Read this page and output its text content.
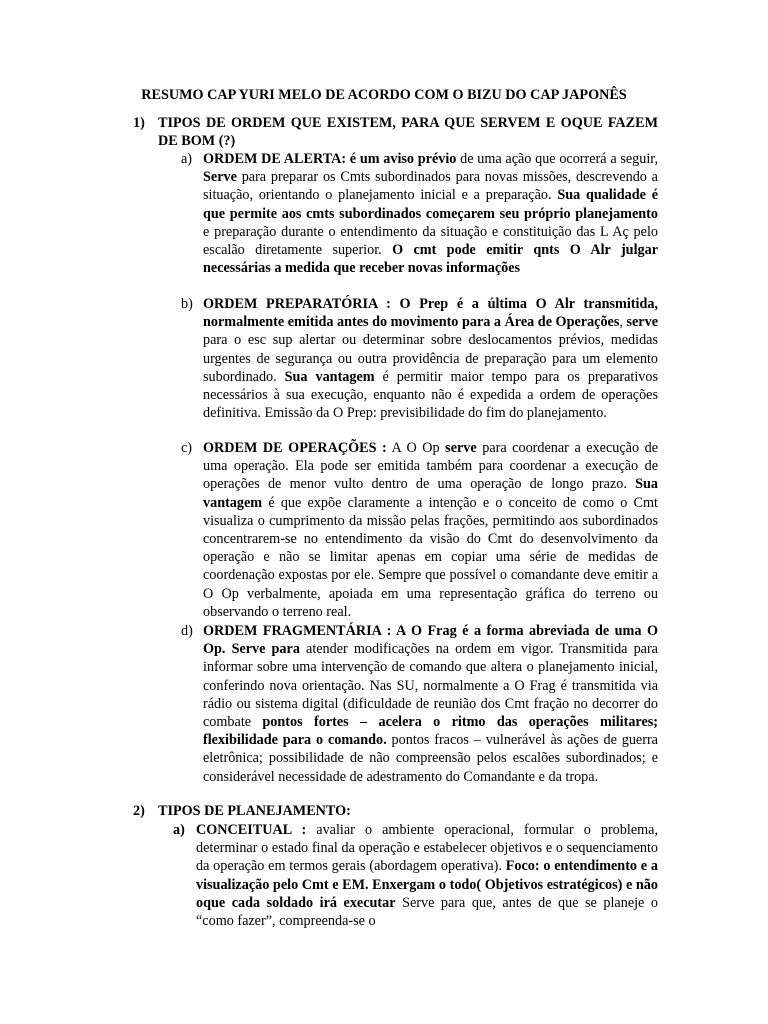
RESUMO CAP YURI MELO DE ACORDO COM O BIZU DO CAP JAPONÊS
1) TIPOS DE ORDEM QUE EXISTEM, PARA QUE SERVEM E OQUE FAZEM DE BOM (?)
a) ORDEM DE ALERTA: é um aviso prévio de uma ação que ocorrerá a seguir, Serve para preparar os Cmts subordinados para novas missões, descrevendo a situação, orientando o planejamento inicial e a preparação. Sua qualidade é que permite aos cmts subordinados começarem seu próprio planejamento e preparação durante o entendimento da situação e constituição das L Aç pelo escalão diretamente superior. O cmt pode emitir qnts O Alr julgar necessárias a medida que receber novas informações
b) ORDEM PREPARATÓRIA : O Prep é a última O Alr transmitida, normalmente emitida antes do movimento para a Área de Operações, serve para o esc sup alertar ou determinar sobre deslocamentos prévios, medidas urgentes de segurança ou outra providência de preparação para um elemento subordinado. Sua vantagem é permitir maior tempo para os preparativos necessários à sua execução, enquanto não é expedida a ordem de operações definitiva. Emissão da O Prep: previsibilidade do fim do planejamento.
c) ORDEM DE OPERAÇÕES : A O Op serve para coordenar a execução de uma operação. Ela pode ser emitida também para coordenar a execução de operações de menor vulto dentro de uma operação de longo prazo. Sua vantagem é que expõe claramente a intenção e o conceito de como o Cmt visualiza o cumprimento da missão pelas frações, permitindo aos subordinados concentrarem-se no entendimento da visão do Cmt do desenvolvimento da operação e não se limitar apenas em copiar uma série de medidas de coordenação expostas por ele. Sempre que possível o comandante deve emitir a O Op verbalmente, apoiada em uma representação gráfica do terreno ou observando o terreno real.
d) ORDEM FRAGMENTÁRIA : A O Frag é a forma abreviada de uma O Op. Serve para atender modificações na ordem em vigor. Transmitida para informar sobre uma intervenção de comando que altera o planejamento inicial, conferindo nova orientação. Nas SU, normalmente a O Frag é transmitida via rádio ou sistema digital (dificuldade de reunião dos Cmt fração no decorrer do combate pontos fortes – acelera o ritmo das operações militares; flexibilidade para o comando. pontos fracos – vulnerável às ações de guerra eletrônica; possibilidade de não compreensão pelos escalões subordinados; e considerável necessidade de adestramento do Comandante e da tropa.
2) TIPOS DE PLANEJAMENTO:
a) CONCEITUAL : avaliar o ambiente operacional, formular o problema, determinar o estado final da operação e estabelecer objetivos e o sequenciamento da operação em termos gerais (abordagem operativa). Foco: o entendimento e a visualização pelo Cmt e EM. Enxergam o todo( Objetivos estratégicos) e não oque cada soldado irá executar Serve para que, antes de que se planeje o “como fazer”, compreenda-se o
